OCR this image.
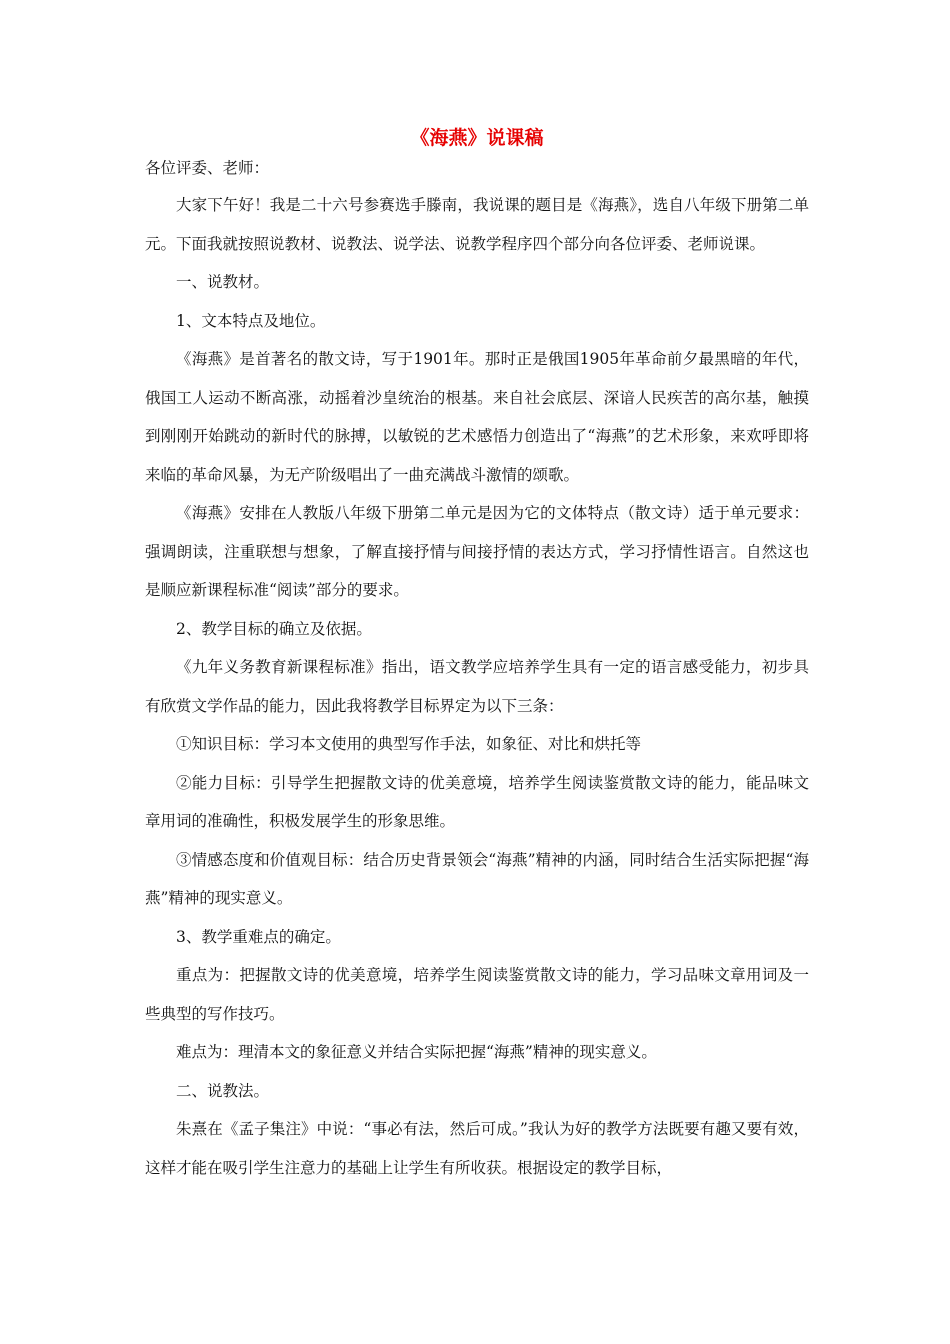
《海燕》说课稿
各位评委、老师：

大家下午好！我是二十六号参赛选手滕南，我说课的题目是《海燕》，选自八年级下册第二单元。下面我就按照说教材、说教法、说学法、说教学程序四个部分向各位评委、老师说课。

一、说教材。

1、文本特点及地位。

《海燕》是首著名的散文诗，写于1901年。那时正是俄国1905年革命前夕最黑暗的年代，俄国工人运动不断高涨，动摇着沙皇统治的根基。来自社会底层、深谙人民疾苦的高尔基，触摸到刚刚开始跳动的新时代的脉搏，以敏锐的艺术感悟力创造出了“海燕”的艺术形象，来欢呼即将来临的革命风暴，为无产阶级唱出了一曲充满战斗激情的颂歌。

《海燕》安排在人教版八年级下册第二单元是因为它的文体特点（散文诗）适于单元要求：强调朗读，注重联想与想象，了解直接抒情与间接抒情的表达方式，学习抒情性语言。自然这也是顺应新课程标准“阅读”部分的要求。

2、教学目标的确立及依据。

《九年义务教育新课程标准》指出，语文教学应培养学生具有一定的语言感受能力，初步具有欣赏文学作品的能力，因此我将教学目标界定为以下三条：

①知识目标：学习本文使用的典型写作手法，如象征、对比和烘托等

②能力目标：引导学生把握散文诗的优美意境，培养学生阅读鉴赏散文诗的能力，能品味文章用词的准确性，积极发展学生的形象思维。

③情感态度和价值观目标：结合历史背景领会“海燕”精神的内涵，同时结合生活实际把握“海燕”精神的现实意义。

3、教学重难点的确定。

重点为：把握散文诗的优美意境，培养学生阅读鉴赏散文诗的能力，学习品味文章用词及一些典型的写作技巧。

难点为：理清本文的象征意义并结合实际把握“海燕”精神的现实意义。

二、说教法。

朱熹在《孟子集注》中说：“事必有法，然后可成。”我认为好的教学方法既要有趣又要有效，这样才能在吸引学生注意力的基础上让学生有所收获。根据设定的教学目标，
